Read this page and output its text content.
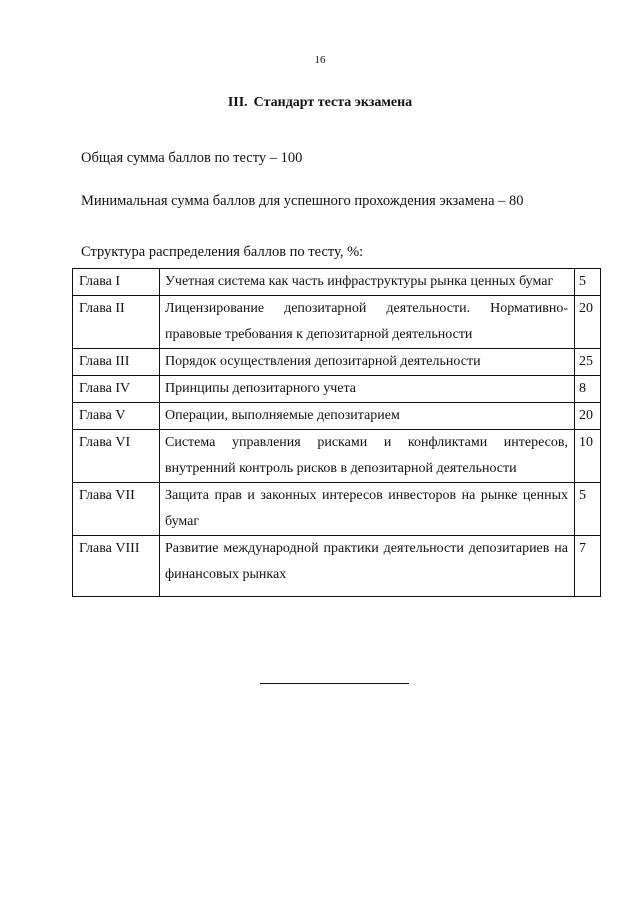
16
III. Стандарт теста экзамена
Общая сумма баллов по тесту – 100
Минимальная сумма баллов для успешного прохождения экзамена – 80
Структура распределения баллов по тесту, %:
Глава I	Учетная система как часть инфраструктуры рынка ценных бумаг	5
Глава II	Лицензирование депозитарной деятельности. Нормативно-правовые требования к депозитарной деятельности	20
Глава III	Порядок осуществления депозитарной деятельности	25
Глава IV	Принципы депозитарного учета	8
Глава V	Операции, выполняемые депозитарием	20
Глава VI	Система управления рисками и конфликтами интересов, внутренний контроль рисков в депозитарной деятельности	10
Глава VII	Защита прав и законных интересов инвесторов на рынке ценных бумаг	5
Глава VIII	Развитие международной практики деятельности депозитариев на финансовых рынках	7
